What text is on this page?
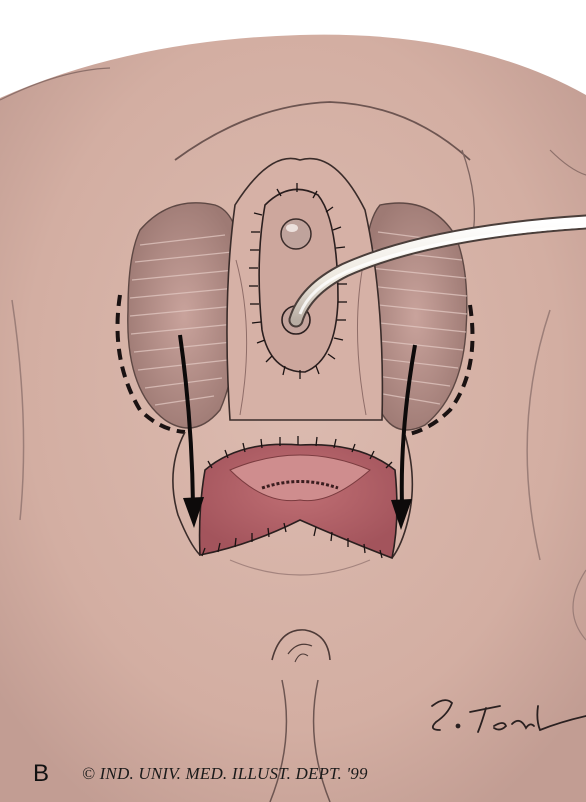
B © IND. UNIV. MED. ILLUST. DEPT. '99
